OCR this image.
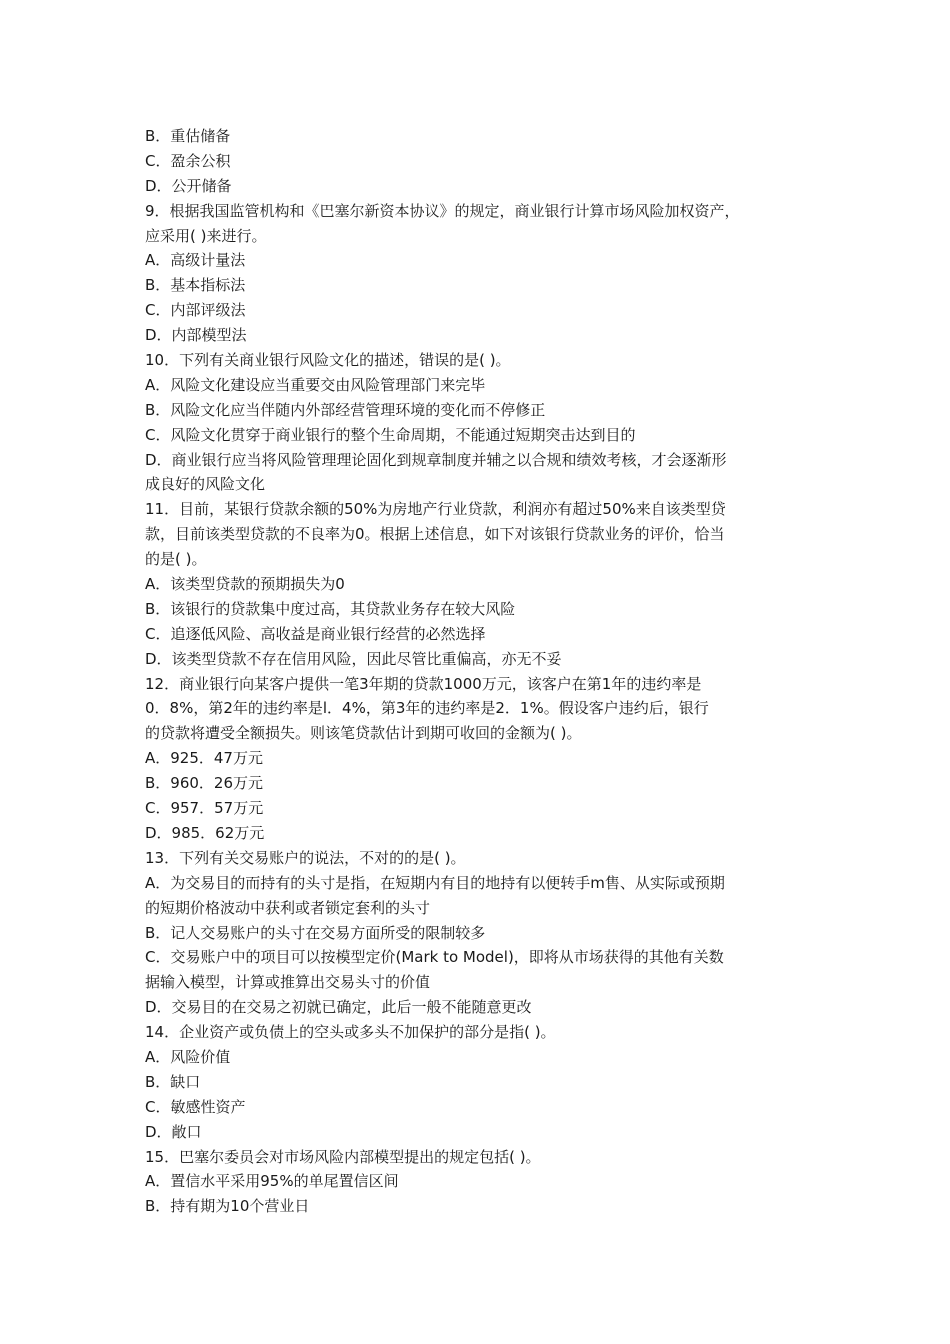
B．重估储备
C．盈余公积
D．公开储备
9．根据我国监管机构和《巴塞尔新资本协议》的规定，商业银行计算市场风险加权资产，
应采用( )来进行。
A．高级计量法
B．基本指标法
C．内部评级法
D．内部模型法
10．下列有关商业银行风险文化的描述，错误的是( )。
A．风险文化建设应当重要交由风险管理部门来完毕
B．风险文化应当伴随内外部经营管理环境的变化而不停修正
C．风险文化贯穿于商业银行的整个生命周期，不能通过短期突击达到目的
D．商业银行应当将风险管理理论固化到规章制度并辅之以合规和绩效考核，才会逐渐形
成良好的风险文化
11．目前，某银行贷款余额的50%为房地产行业贷款，利润亦有超过50%来自该类型贷
款，目前该类型贷款的不良率为0。根据上述信息，如下对该银行贷款业务的评价，恰当
的是( )。
A．该类型贷款的预期损失为0
B．该银行的贷款集中度过高，其贷款业务存在较大风险
C．追逐低风险、高收益是商业银行经营的必然选择
D．该类型贷款不存在信用风险，因此尽管比重偏高，亦无不妥
12．商业银行向某客户提供一笔3年期的贷款1000万元，该客户在第1年的违约率是
0．8%，第2年的违约率是l．4%，第3年的违约率是2．1%。假设客户违约后，银行
的贷款将遭受全额损失。则该笔贷款估计到期可收回的金额为( )。
A．925．47万元
B．960．26万元
C．957．57万元
D．985．62万元
13．下列有关交易账户的说法，不对的的是( )。
A．为交易目的而持有的头寸是指，在短期内有目的地持有以便转手m售、从实际或预期
的短期价格波动中获利或者锁定套利的头寸
B．记人交易账户的头寸在交易方面所受的限制较多
C．交易账户中的项目可以按模型定价(Mark to Model)，即将从市场获得的其他有关数
据输入模型，计算或推算出交易头寸的价值
D．交易目的在交易之初就已确定，此后一般不能随意更改
14．企业资产或负债上的空头或多头不加保护的部分是指( )。
A．风险价值
B．缺口
C．敏感性资产
D．敞口
15．巴塞尔委员会对市场风险内部模型提出的规定包括( )。
A．置信水平采用95%的单尾置信区间
B．持有期为10个营业日
